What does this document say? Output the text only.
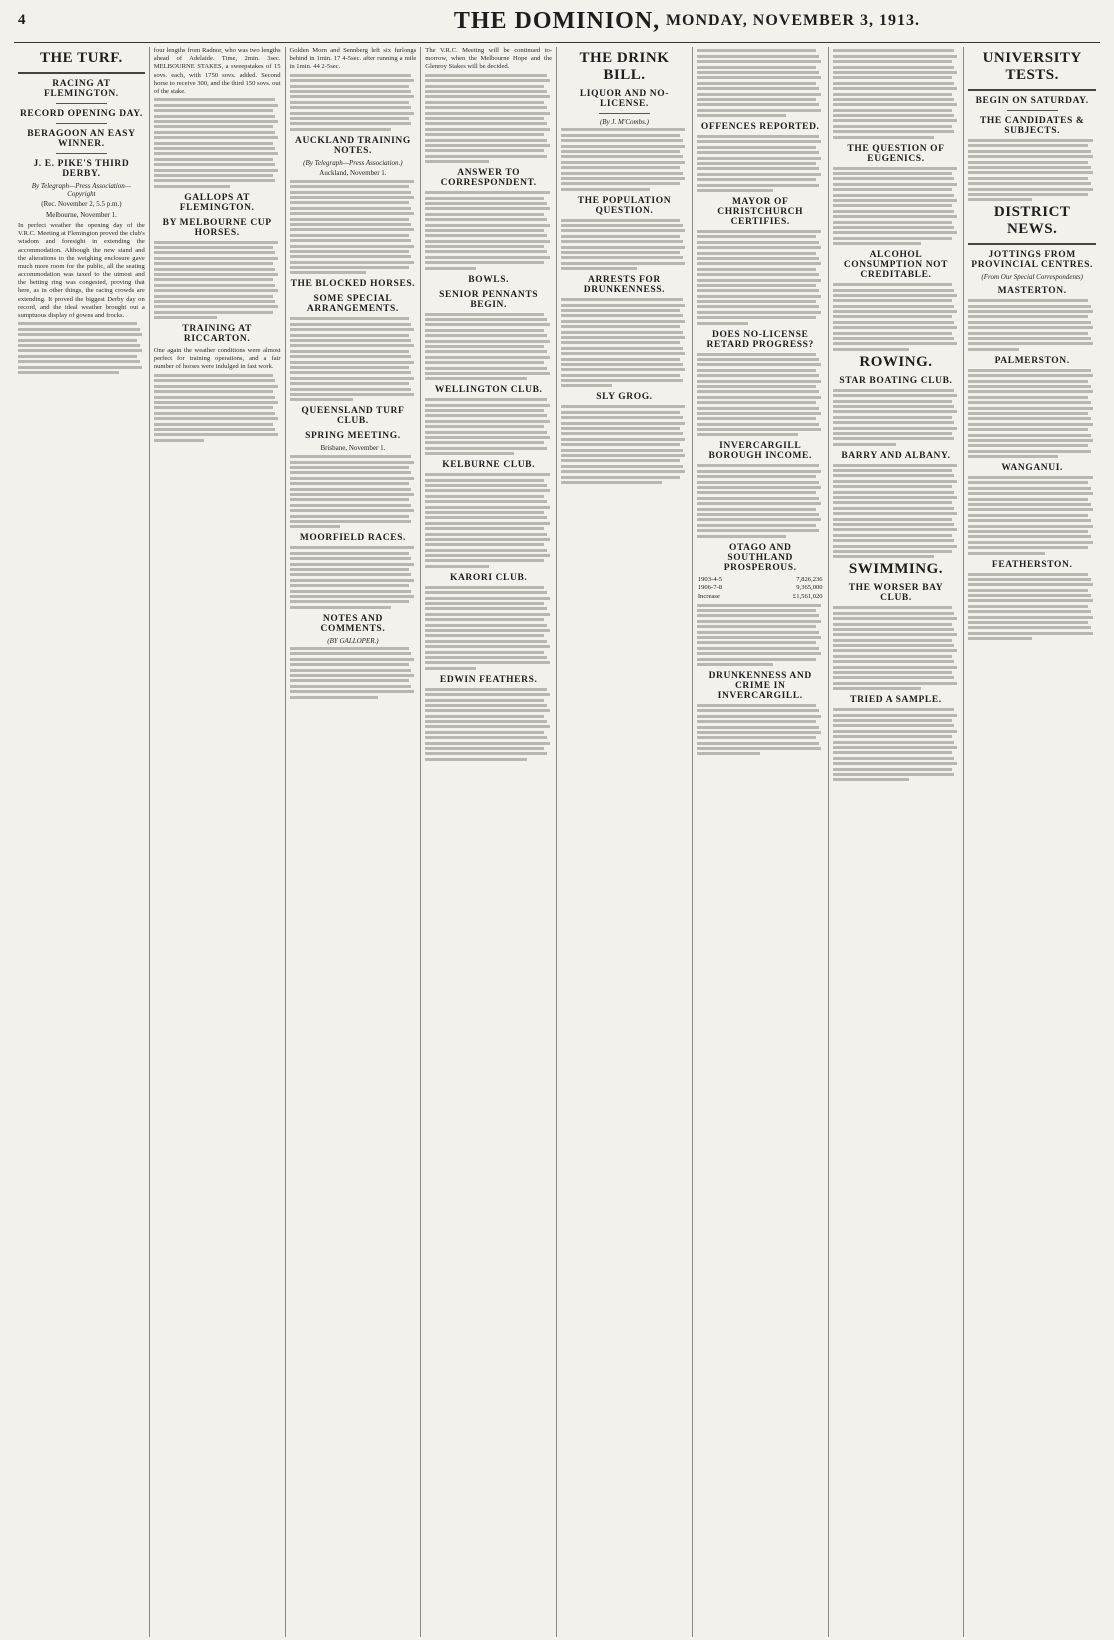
4	THE DOMINION, MONDAY, NOVEMBER 3, 1913.
THE TURF.
RACING AT FLEMINGTON.
RECORD OPENING DAY.
BERAGOON AN EASY WINNER.
J. E. PIKE'S THIRD DERBY.
By Telegraph—Press Association—Copyright
(Rec. November 2, 5.5 p.m.)
Melbourne, November 1.
In perfect weather the opening day of the V.R.C. Meeting at Flemington proved the club's wisdom and foresight in extending the accommodation. Although the new stand and the alterations to the weighing enclosure gave much more room for the public, all the seating accommodation was taxed to the utmost and the betting ring was congested, proving that here, as in other things, the racing crowds are extending. It proved the biggest Derby day on record, and the ideal weather brought out a sumptuous display of gowns and frocks.
four lengths from Radnor, who was two lengths ahead of Adelaide. Time, 2min. 3sec. MELBOURNE STAKES, a sweepstakes of 15 sovs. each, with 1750 sovs. added. Second horse to receive 300, and the third 150 sovs. out of the stake.
GALLOPS AT FLEMINGTON.
BY MELBOURNE CUP HORSES.
TRAINING AT RICCARTON.
One again the weather conditions were almost perfect for training operations, and a fair number of horses were indulged in fast work.
Golden Morn and Sennberg left six furlongs behind in 1min. 17 4-5sec. after running a mile in 1min. 44 2-5sec.
AUCKLAND TRAINING NOTES.
(By Telegraph—Press Association.)
Auckland, November 1.
THE BLOCKED HORSES.
SOME SPECIAL ARRANGEMENTS.
QUEENSLAND TURF CLUB.
SPRING MEETING.
Brisbane, November 1.
MOORFIELD RACES.
NOTES AND COMMENTS.
(BY GALLOPER.)
The V.R.C. Meeting will be continued to-morrow, when the Melbourne Hope and the Glenroy Stakes will be decided.
ANSWER TO CORRESPONDENT.
BOWLS.
SENIOR PENNANTS BEGIN.
WELLINGTON CLUB.
KELBURNE CLUB.
KARORI CLUB.
EDWIN FEATHERS.
THE DRINK BILL.
LIQUOR AND NO-LICENSE.
(By J. M'Combs.)
THE POPULATION QUESTION.
ARRESTS FOR DRUNKENNESS.
SLY GROG.
OFFENCES REPORTED.
MAYOR OF CHRISTCHURCH CERTIFIES.
DOES NO-LICENSE RETARD PROGRESS?
INVERCARGILL BOROUGH INCOME.
OTAGO AND SOUTHLAND PROSPEROUS.
1903-4-5	7,826,236
1906-7-8	9,365,000
Increase	£1,561,020
DRUNKENNESS AND CRIME IN INVERCARGILL.
THE QUESTION OF EUGENICS.
ALCOHOL CONSUMPTION NOT CREDITABLE.
ROWING.
STAR BOATING CLUB.
BARRY AND ALBANY.
SWIMMING.
THE WORSER BAY CLUB.
TRIED A SAMPLE.
UNIVERSITY TESTS.
BEGIN ON SATURDAY.
THE CANDIDATES & SUBJECTS.
DISTRICT NEWS.
JOTTINGS FROM PROVINCIAL CENTRES.
(From Our Special Correspondents)
MASTERTON.
PALMERSTON.
WANGANUI.
FEATHERSTON.
